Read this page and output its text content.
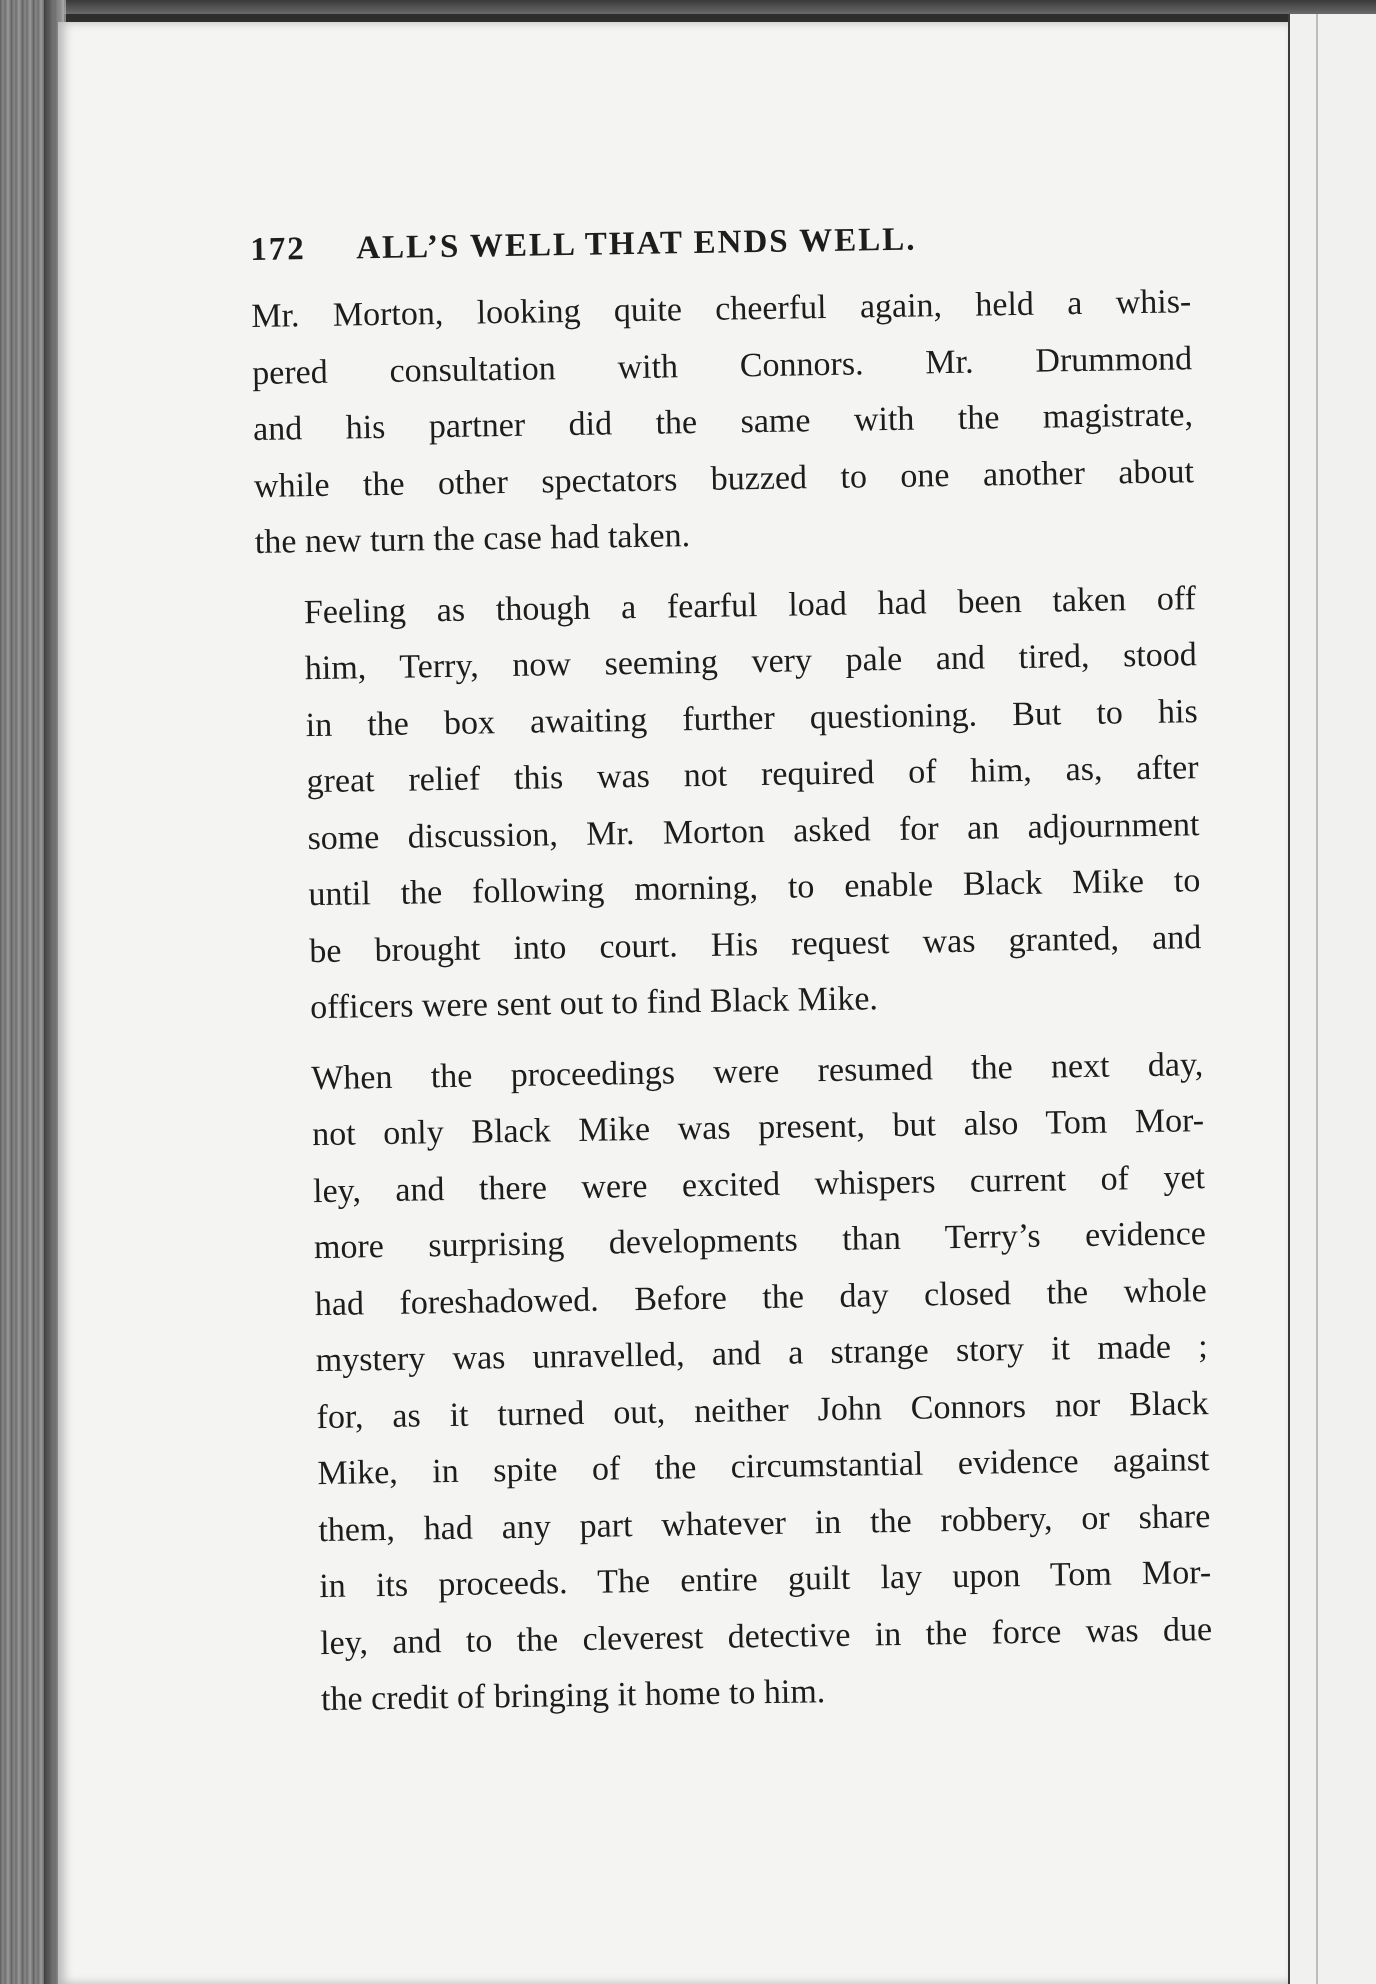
172 ALL’S WELL THAT ENDS WELL.

Mr. Morton, looking quite cheerful again, held a whis-
pered consultation with Connors. Mr. Drummond
and his partner did the same with the magistrate,
while the other spectators buzzed to one another about
the new turn the case had taken.

Feeling as though a fearful load had been taken off
him, Terry, now seeming very pale and tired, stood
in the box awaiting further questioning. But to his
great relief this was not required of him, as, after
some discussion, Mr. Morton asked for an adjournment
until the following morning, to enable Black Mike to
be brought into court. His request was granted, and
officers were sent out to find Black Mike.

When the proceedings were resumed the next day,
not only Black Mike was present, but also Tom Mor-
ley, and there were excited whispers current of yet
more surprising developments than Terry’s evidence
had foreshadowed. Before the day closed the whole
mystery was unravelled, and a strange story it made ;
for, as it turned out, neither John Connors nor Black
Mike, in spite of the circumstantial evidence against
them, had any part whatever in the robbery, or share
in its proceeds. The entire guilt lay upon Tom Mor-
ley, and to the cleverest detective in the force was due
the credit of bringing it home to him.
